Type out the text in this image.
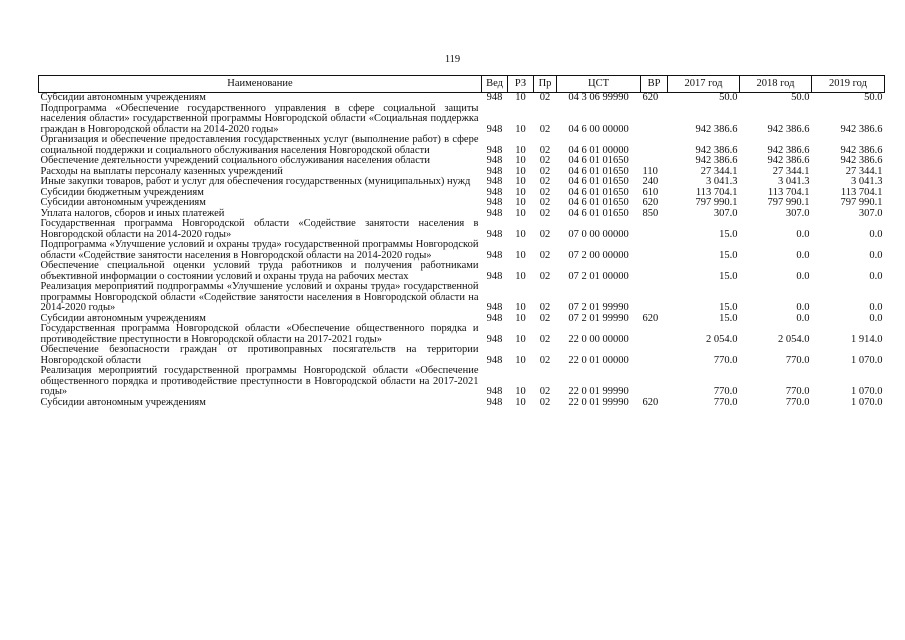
119
Наименование	Вед	РЗ	Пр	ЦСТ	ВР	2017 год	2018 год	2019 год
Субсидии автономным учреждениям	948	10	02	04 3 06 99990	620	50.0	50.0	50.0
Подпрограмма «Обеспечение государственного управления в сфере социальной защиты населения области» государственной программы Новгородской области «Социальная поддержка граждан в Новгородской области на 2014-2020 годы»	948	10	02	04 6 00 00000		942 386.6	942 386.6	942 386.6
Организация и обеспечение предоставления государственных услуг (выполнение работ) в сфере социальной поддержки и социального обслуживания населения Новгородской области	948	10	02	04 6 01 00000		942 386.6	942 386.6	942 386.6
Обеспечение деятельности учреждений социального обслуживания населения области	948	10	02	04 6 01 01650		942 386.6	942 386.6	942 386.6
Расходы на выплаты персоналу казенных учреждений	948	10	02	04 6 01 01650	110	27 344.1	27 344.1	27 344.1
Иные закупки товаров, работ и услуг для обеспечения государственных (муниципальных) нужд	948	10	02	04 6 01 01650	240	3 041.3	3 041.3	3 041.3
Субсидии бюджетным учреждениям	948	10	02	04 6 01 01650	610	113 704.1	113 704.1	113 704.1
Субсидии автономным учреждениям	948	10	02	04 6 01 01650	620	797 990.1	797 990.1	797 990.1
Уплата налогов, сборов и иных платежей	948	10	02	04 6 01 01650	850	307.0	307.0	307.0
Государственная программа Новгородской области «Содействие занятости населения в Новгородской области на 2014-2020 годы»	948	10	02	07 0 00 00000		15.0	0.0	0.0
Подпрограмма «Улучшение условий и охраны труда» государственной программы Новгородской области «Содействие занятости населения в Новгородской области на 2014-2020 годы»	948	10	02	07 2 00 00000		15.0	0.0	0.0
Обеспечение специальной оценки условий труда работников и получения работниками объективной информации о состоянии условий и охраны труда на рабочих местах	948	10	02	07 2 01 00000		15.0	0.0	0.0
Реализация мероприятий подпрограммы «Улучшение условий и охраны труда» государственной программы Новгородской области «Содействие занятости населения в Новгородской области на 2014-2020 годы»	948	10	02	07 2 01 99990		15.0	0.0	0.0
Субсидии автономным учреждениям	948	10	02	07 2 01 99990	620	15.0	0.0	0.0
Государственная программа Новгородской области «Обеспечение общественного порядка и противодействие преступности в Новгородской области на 2017-2021 годы»	948	10	02	22 0 00 00000		2 054.0	2 054.0	1 914.0
Обеспечение безопасности граждан от противоправных посягательств на территории Новгородской области	948	10	02	22 0 01 00000		770.0	770.0	1 070.0
Реализация мероприятий государственной программы Новгородской области «Обеспечение общественного порядка и противодействие преступности в Новгородской области на 2017-2021 годы»	948	10	02	22 0 01 99990		770.0	770.0	1 070.0
Субсидии автономным учреждениям	948	10	02	22 0 01 99990	620	770.0	770.0	1 070.0
